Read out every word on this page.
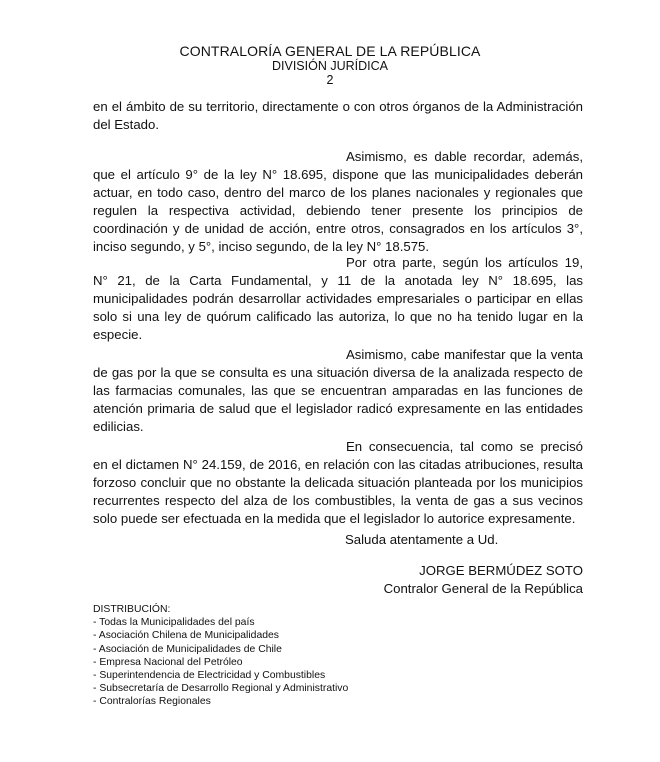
CONTRALORÍA GENERAL DE LA REPÚBLICA
DIVISIÓN JURÍDICA
2

en el ámbito de su territorio, directamente o con otros órganos de la Administración del Estado.

Asimismo, es dable recordar, además, que el artículo 9° de la ley N° 18.695, dispone que las municipalidades deberán actuar, en todo caso, dentro del marco de los planes nacionales y regionales que regulen la respectiva actividad, debiendo tener presente los principios de coordinación y de unidad de acción, entre otros, consagrados en los artículos 3°, inciso segundo, y 5°, inciso segundo, de la ley N° 18.575.

Por otra parte, según los artículos 19, N° 21, de la Carta Fundamental, y 11 de la anotada ley N° 18.695, las municipalidades podrán desarrollar actividades empresariales o participar en ellas solo si una ley de quórum calificado las autoriza, lo que no ha tenido lugar en la especie.

Asimismo, cabe manifestar que la venta de gas por la que se consulta es una situación diversa de la analizada respecto de las farmacias comunales, las que se encuentran amparadas en las funciones de atención primaria de salud que el legislador radicó expresamente en las entidades edilicias.

En consecuencia, tal como se precisó en el dictamen N° 24.159, de 2016, en relación con las citadas atribuciones, resulta forzoso concluir que no obstante la delicada situación planteada por los municipios recurrentes respecto del alza de los combustibles, la venta de gas a sus vecinos solo puede ser efectuada en la medida que el legislador lo autorice expresamente.

Saluda atentamente a Ud.
JORGE BERMÚDEZ SOTO
Contralor General de la República
DISTRIBUCIÓN:
- Todas la Municipalidades del país
- Asociación Chilena de Municipalidades
- Asociación de Municipalidades de Chile
- Empresa Nacional del Petróleo
- Superintendencia de Electricidad y Combustibles
- Subsecretaría de Desarrollo Regional y Administrativo
- Contralorías Regionales
